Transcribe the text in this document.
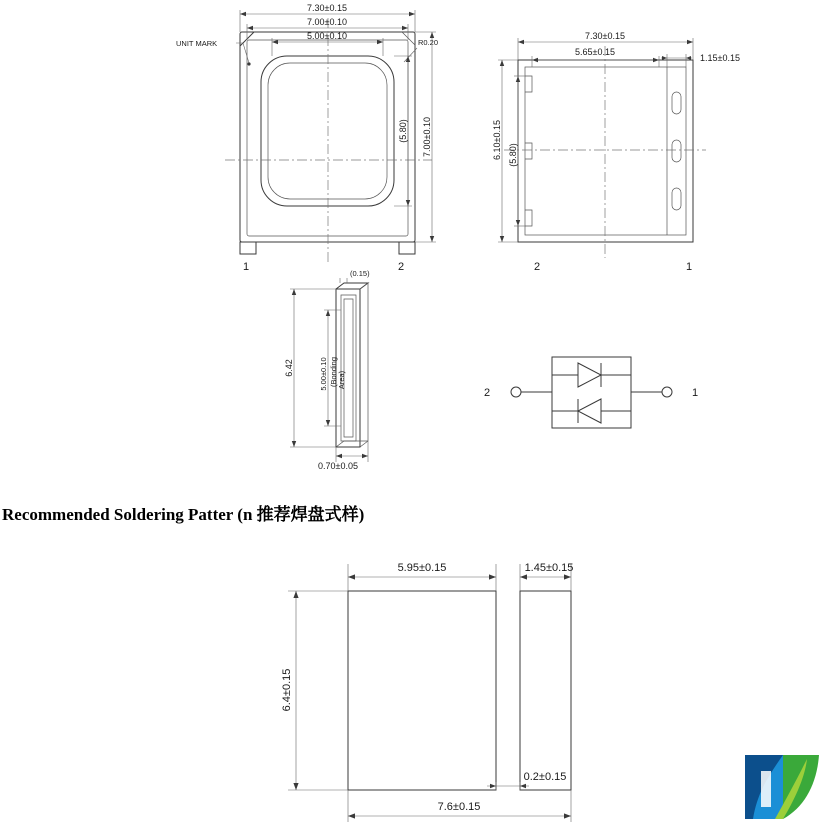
7.30±0.15
7.00±0.10
5.00±0.10
UNIT MARK	R0.20
7.00±0.10
(5.80)
1	2
7.30±0.15
5.65±0.15
1.15±0.15
6.10±0.15 (5.80)
2	1
(0.15)
6.42	5.00±0.10 (Bonding Area)
0.70±0.05
2	1
5.95±0.15	1.45±0.15
6.4±0.15
0.2±0.15
7.6±0.15
Recommended Soldering Patter (n 推荐焊盘式样)
